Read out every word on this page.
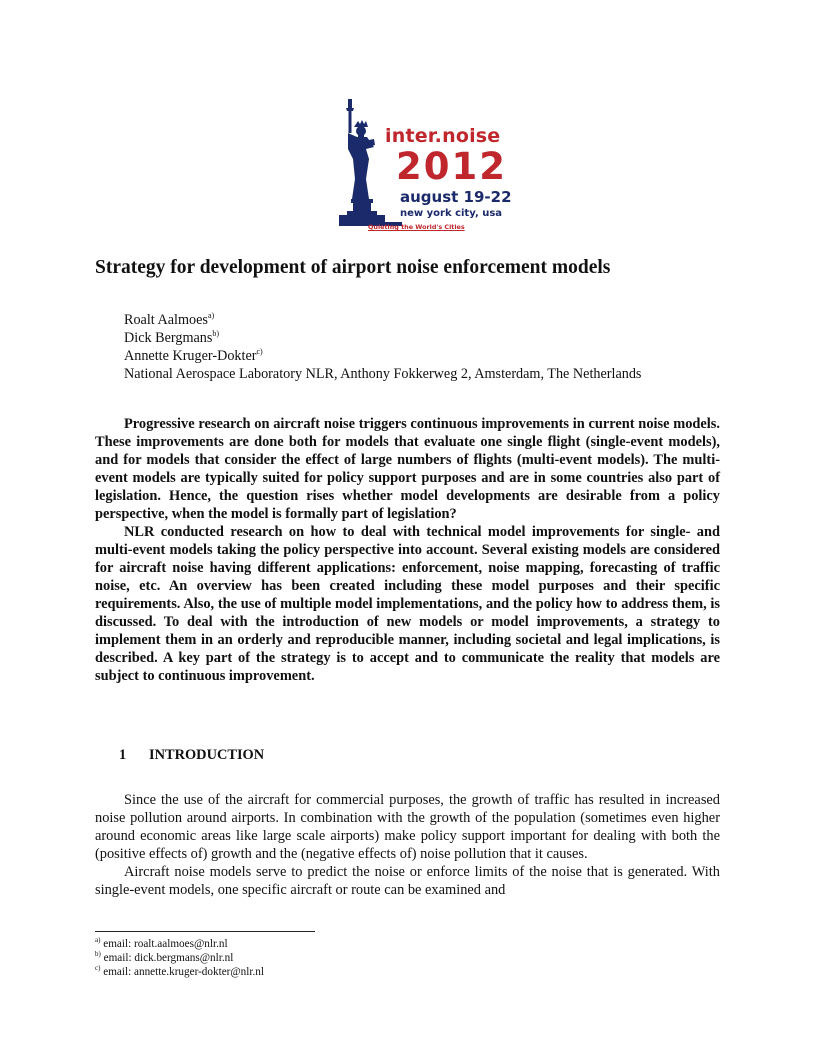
inter.noise
2012
august 19-22
new york city, usa
Quieting the World's Cities
Strategy for development of airport noise enforcement models
Roalt Aalmoes$^{a)}$
Dick Bergmans$^{b)}$
Annette Kruger-Dokter$^{c)}$
National Aerospace Laboratory NLR, Anthony Fokkerweg 2, Amsterdam, The Netherlands

Progressive research on aircraft noise triggers continuous improvements in current noise models. These improvements are done both for models that evaluate one single flight (single-event models), and for models that consider the effect of large numbers of flights (multi-event models). The multi-event models are typically suited for policy support purposes and are in some countries also part of legislation. Hence, the question rises whether model developments are desirable from a policy perspective, when the model is formally part of legislation?

NLR conducted research on how to deal with technical model improvements for single- and multi-event models taking the policy perspective into account. Several existing models are considered for aircraft noise having different applications: enforcement, noise mapping, forecasting of traffic noise, etc. An overview has been created including these model purposes and their specific requirements. Also, the use of multiple model implementations, and the policy how to address them, is discussed. To deal with the introduction of new models or model improvements, a strategy to implement them in an orderly and reproducible manner, including societal and legal implications, is described. A key part of the strategy is to accept and to communicate the reality that models are subject to continuous improvement.

1 INTRODUCTION

Since the use of the aircraft for commercial purposes, the growth of traffic has resulted in increased noise pollution around airports. In combination with the growth of the population (sometimes even higher around economic areas like large scale airports) make policy support important for dealing with both the (positive effects of) growth and the (negative effects of) noise pollution that it causes.

Aircraft noise models serve to predict the noise or enforce limits of the noise that is generated. With single-event models, one specific aircraft or route can be examined and

$^{a)}$ email: roalt.aalmoes@nlr.nl
$^{b)}$ email: dick.bergmans@nlr.nl
$^{c)}$ email: annette.kruger-dokter@nlr.nl
